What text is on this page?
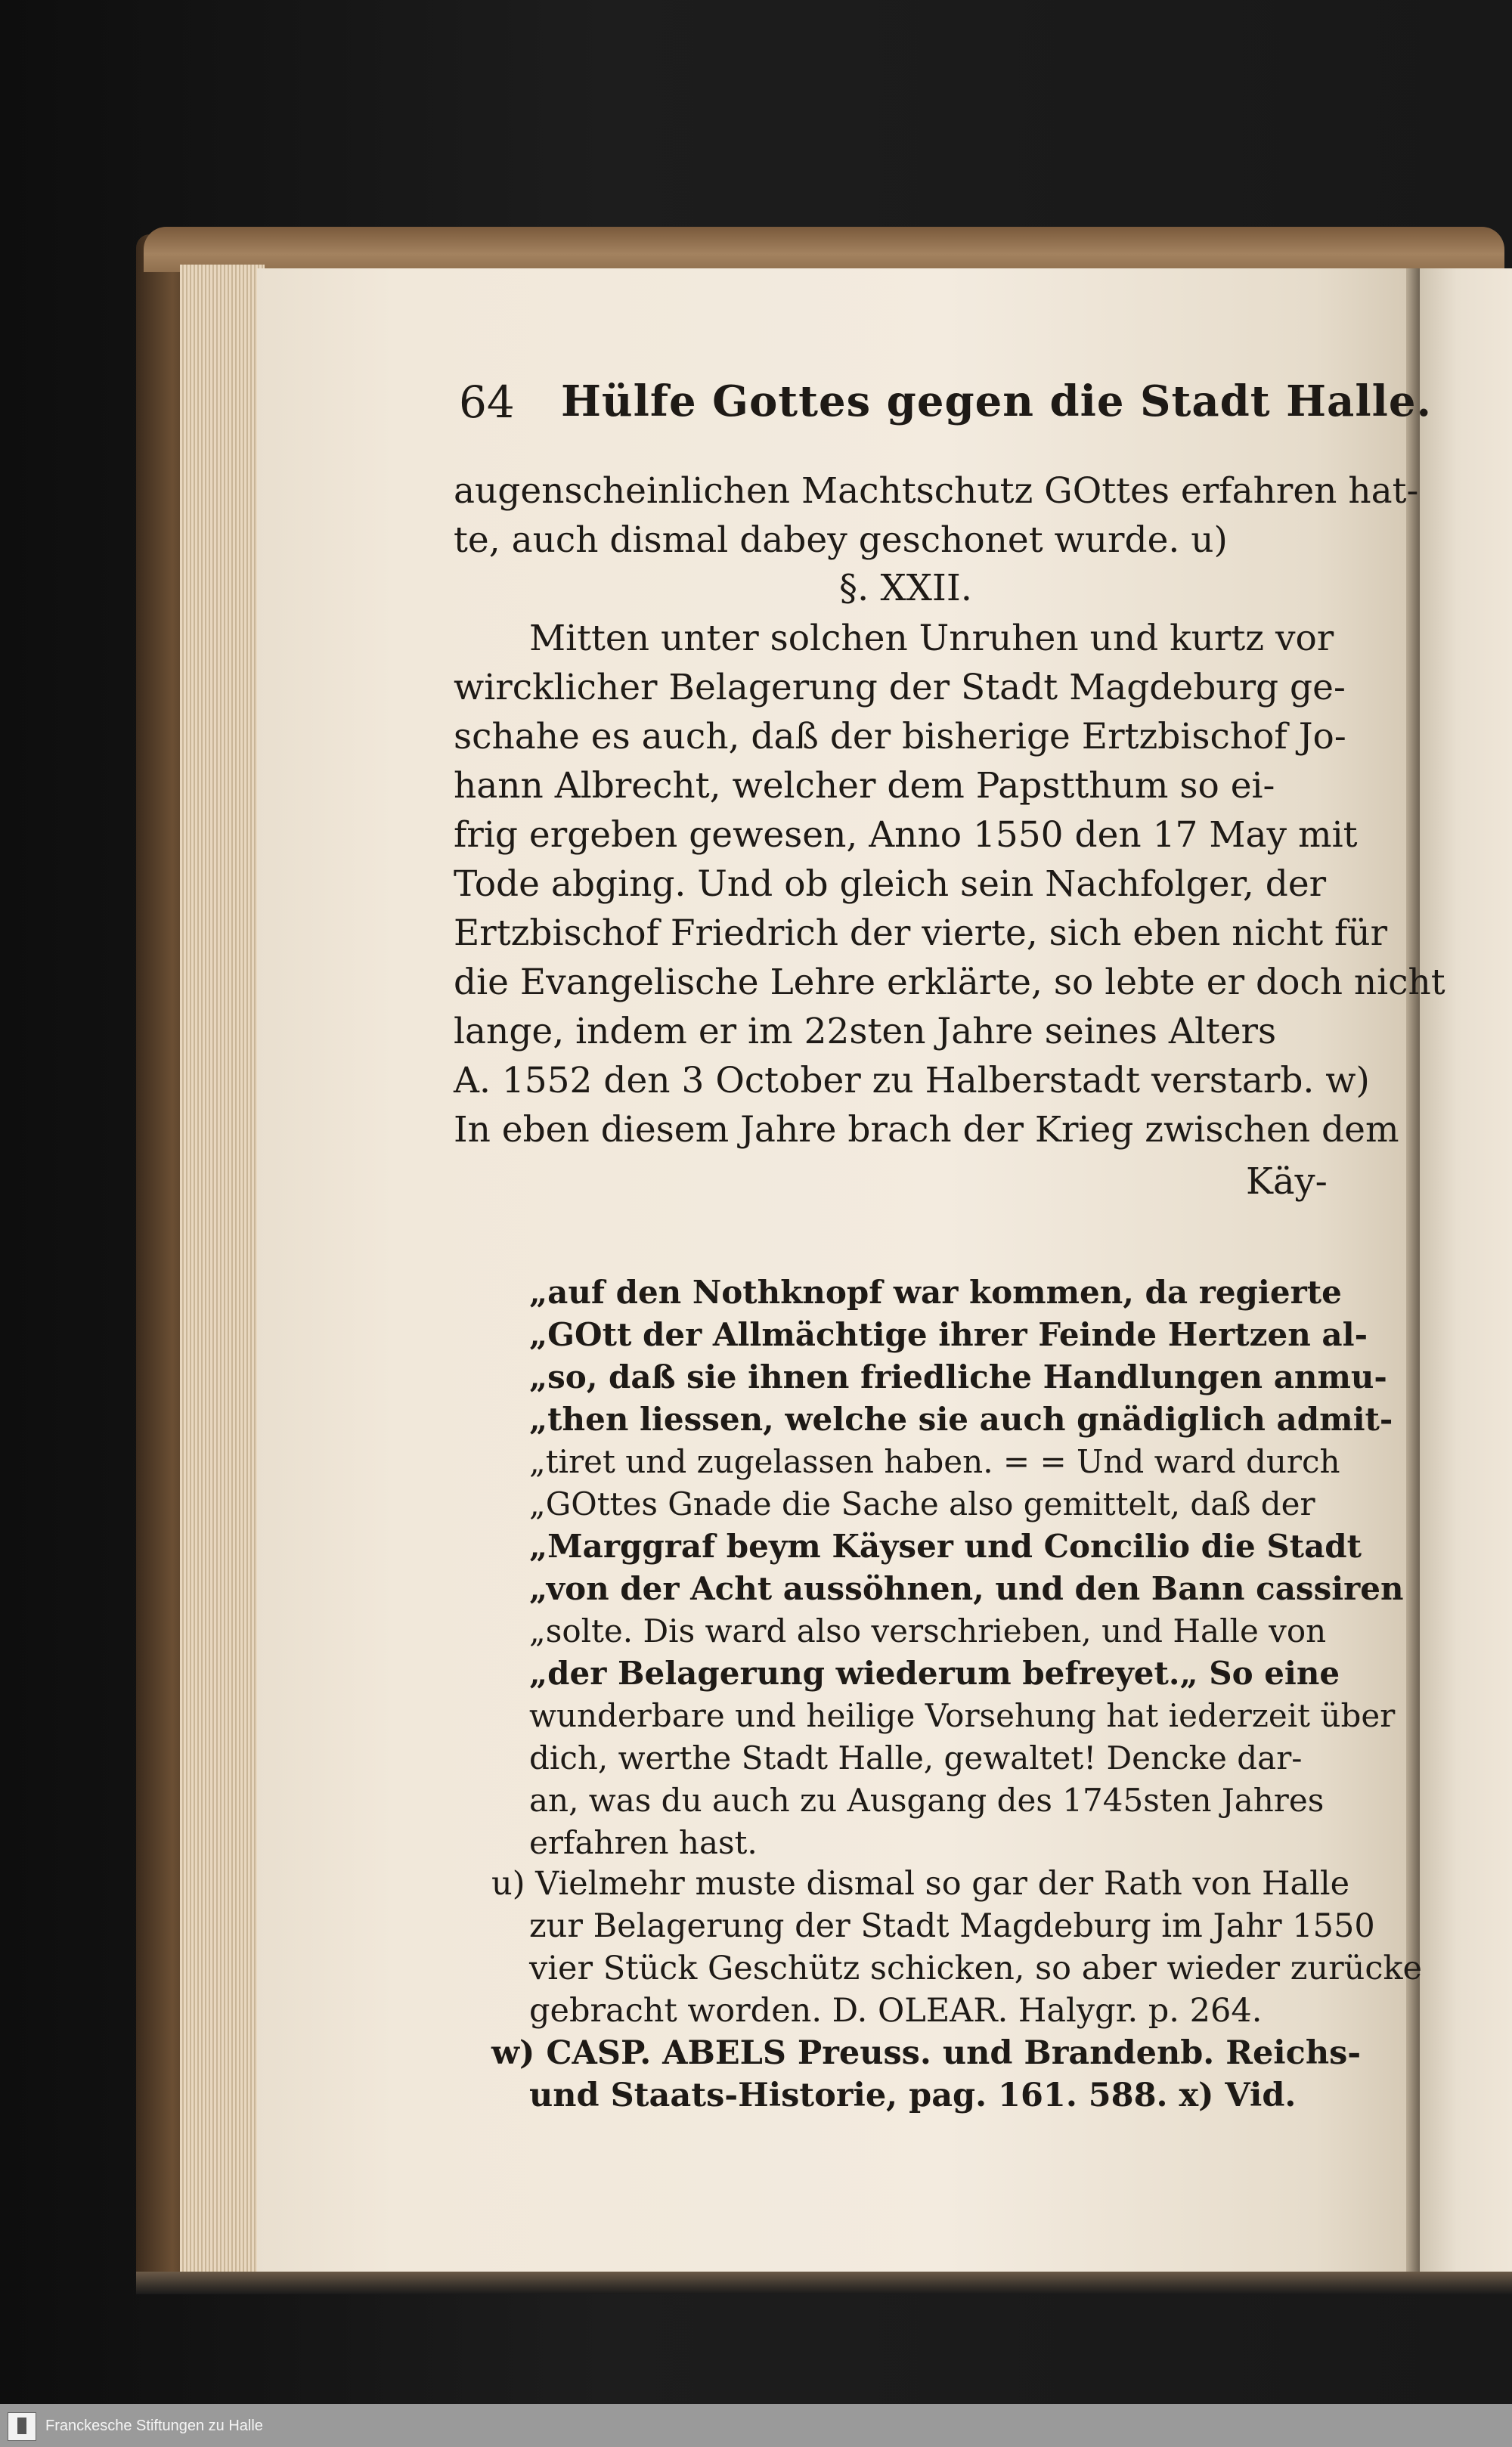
64 Hülfe Gottes gegen die Stadt Halle.
augenscheinlichen Machtschutz GOttes erfahren hat-
te, auch dismal dabey geschonet wurde. u)
§. XXII.
Mitten unter solchen Unruhen und kurtz vor
wircklicher Belagerung der Stadt Magdeburg ge-
schahe es auch, daß der bisherige Ertzbischof Jo-
hann Albrecht, welcher dem Papstthum so ei-
frig ergeben gewesen, Anno 1550 den 17 May mit
Tode abging. Und ob gleich sein Nachfolger, der
Ertzbischof Friedrich der vierte, sich eben nicht für
die Evangelische Lehre erklärte, so lebte er doch nicht
lange, indem er im 22sten Jahre seines Alters
A. 1552 den 3 October zu Halberstadt verstarb. w)
In eben diesem Jahre brach der Krieg zwischen dem
Käy-
„auf den Nothknopf war kommen, da regierte
„GOtt der Allmächtige ihrer Feinde Hertzen al-
„so, daß sie ihnen friedliche Handlungen anmu-
„then liessen, welche sie auch gnädiglich admit-
„tiret und zugelassen haben. = = Und ward durch
„GOttes Gnade die Sache also gemittelt, daß der
„Marggraf beym Käyser und Concilio die Stadt
„von der Acht aussöhnen, und den Bann cassiren
„solte. Dis ward also verschrieben, und Halle von
„der Belagerung wiederum befreyet.„ So eine
wunderbare und heilige Vorsehung hat iederzeit über
dich, werthe Stadt Halle, gewaltet! Dencke dar-
an, was du auch zu Ausgang des 1745sten Jahres
erfahren hast.
u) Vielmehr muste dismal so gar der Rath von Halle
zur Belagerung der Stadt Magdeburg im Jahr 1550
vier Stück Geschütz schicken, so aber wieder zurücke
gebracht worden. D. OLEAR. Halygr. p. 264.
w) CASP. ABELS Preuss. und Brandenb. Reichs-
und Staats-Historie, pag. 161. 588. x) Vid.
Franckesche Stiftungen zu Halle
